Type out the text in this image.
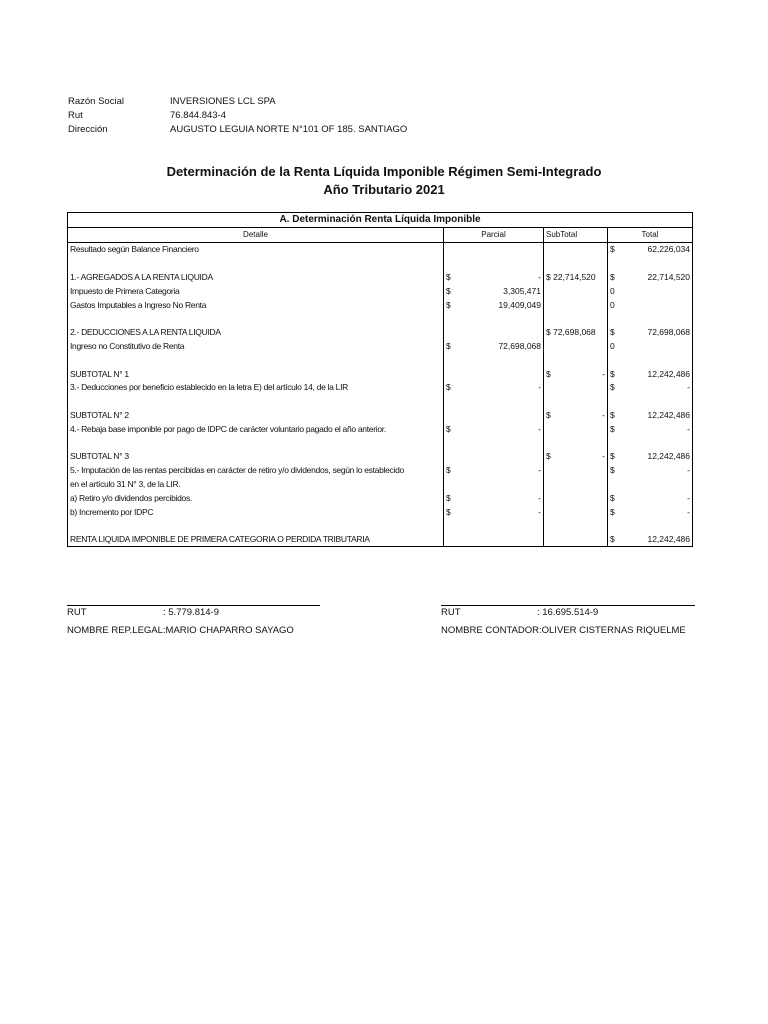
Razón Social	INVERSIONES LCL SPA
Rut	76.844.843-4
Dirección	AUGUSTO LEGUIA NORTE N°101 OF 185. SANTIAGO
Determinación de la Renta Líquida Imponible Régimen Semi-Integrado
Año Tributario 2021
A. Determinación Renta Líquida Imponible			
Detalle	Parcial	SubTotal	Total
Resultado según Balance Financiero			$ 62,226,034

1.- AGREGADOS A LA RENTA LIQUIDA	$ -	$ 22,714,520	$ 22,714,520

Impuesto de Primera Categoria	$ 3,305,471		0

Gastos Imputables a Ingreso No Renta	$ 19,409,049		0

2.- DEDUCCIONES A LA RENTA LIQUIDA		$ 72,698,068	$ 72,698,068

Ingreso no Constitutivo de Renta	$ 72,698,068		0

SUBTOTAL N° 1		$ -	$ 12,242,486

3.- Deducciones por beneficio establecido en la letra E) del artículo 14, de la LIR	$ -		$ -

SUBTOTAL N° 2		$ -	$ 12,242,486

4.- Rebaja base imponible por pago de IDPC de carácter voluntario pagado el año anterior.	$ -		$ -

SUBTOTAL N° 3		$ -	$ 12,242,486

5.- Imputación de las rentas percibidas en carácter de retiro y/o dividendos, según lo establecido	$ -		$ -

en el artículo 31 N° 3, de la LIR.			
a) Retiro y/o dividendos percibidos.	$ -		$ -

b) Incremento por IDPC	$ -		$ -

RENTA LIQUIDA IMPONIBLE DE PRIMERA CATEGORIA O PERDIDA TRIBUTARIA			$ 12,242,486
RUT	: 5.779.814-9
NOMBRE REP.LEGAL:MARIO CHAPARRO SAYAGO
RUT	: 16.695.514-9
NOMBRE CONTADOR:OLIVER CISTERNAS RIQUELME
